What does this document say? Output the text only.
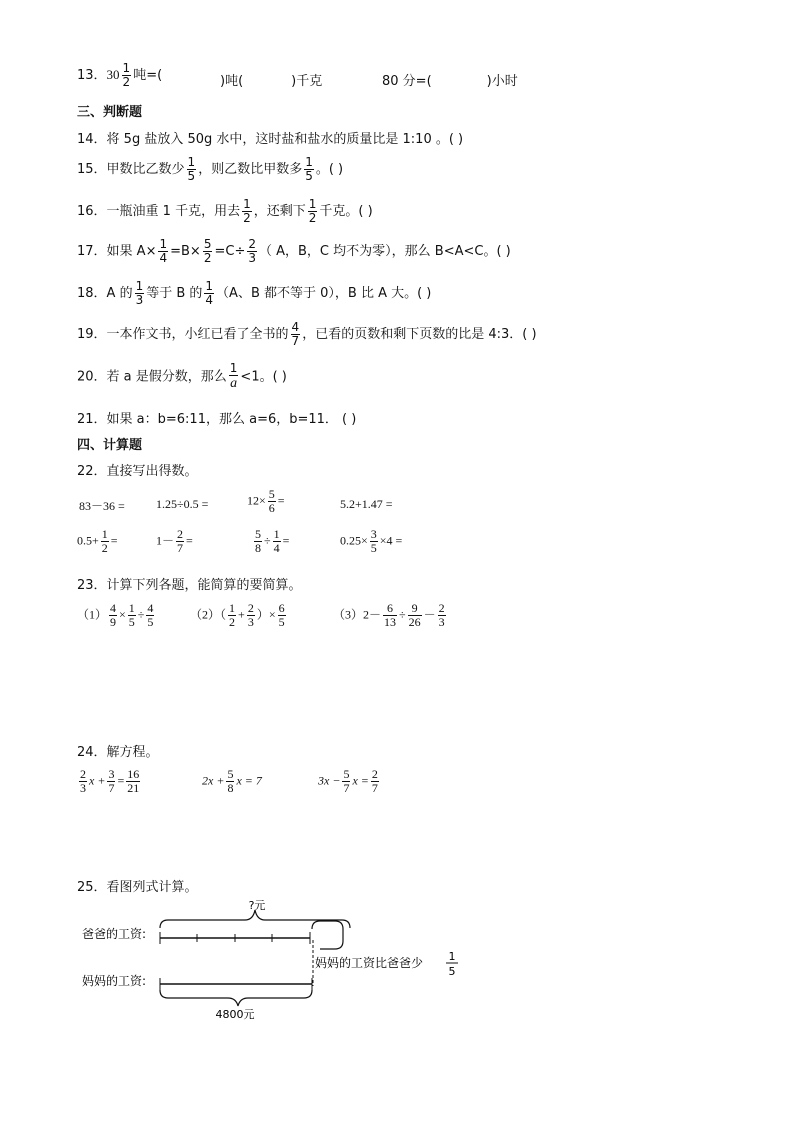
13．$30 \frac{1}{2}$ 吨=(	)吨(	)千克	80 分=(	)小时
三、判断题
14．将 5g 盐放入 50g 水中，这时盐和盐水的质量比是 1:10 。( )
15．甲数比乙数少 $\frac{1}{5}$ ，则乙数比甲数多 $\frac{1}{5}$ 。( )
16．一瓶油重 1 千克，用去 $\frac{1}{2}$ ，还剩下 $\frac{1}{2}$ 千克。( )
17．如果 $A\times \frac{1}{4} =B\times \frac{5}{2} =C\div \frac{2}{3}$ （ A，B，C 均不为零），那么 B<A<C。( )
18．A 的 $\frac{1}{3}$ 等于 B 的 $\frac{1}{4} (A$、B 都不等于 0），B 比 A 大。( )
19．一本作文书，小红已看了全书的 $\frac{4}{7}$ ，已看的页数和剩下页数的比是 4:3．( )
20．若 a 是假分数，那么 $\frac{1}{a} <1$。( )
21．如果 a：b=6:11，那么 a=6，b=11． ( )
四、计算题
22．直接写出得数。
83－36 =	1.25÷0.5 =	$12\times \frac{5}{6}$ =	5.2+1.47 =
$0.5+ \frac{1}{2}$ =	$1- \frac{2}{7}$ =	$\frac{5}{8} \div \frac{1}{4}$ =	$0.25\times \frac{3}{5} \times 4$ =
23．计算下列各题，能简算的要简算。
$(1) \frac{4}{9} \times \frac{1}{5} \div \frac{4}{5}$	$(2)( \frac{1}{2} + \frac{2}{3}$ ）× $\frac{6}{5}$	$(3)2- \frac{6}{13} \div \frac{9}{26} - \frac{2}{3}$
24．解方程。
$\frac{2}{3}$ $x + \frac{3}{7} = \frac{16}{21}$	$2x + \frac{5}{8}$ x = 7	$3x - \frac{5}{7}$ $x = \frac{2}{7}$
25．看图列式计算。
?元
爸爸的工资:
妈妈的工资比爸爸少 1
5
妈妈的工资:
4800元
